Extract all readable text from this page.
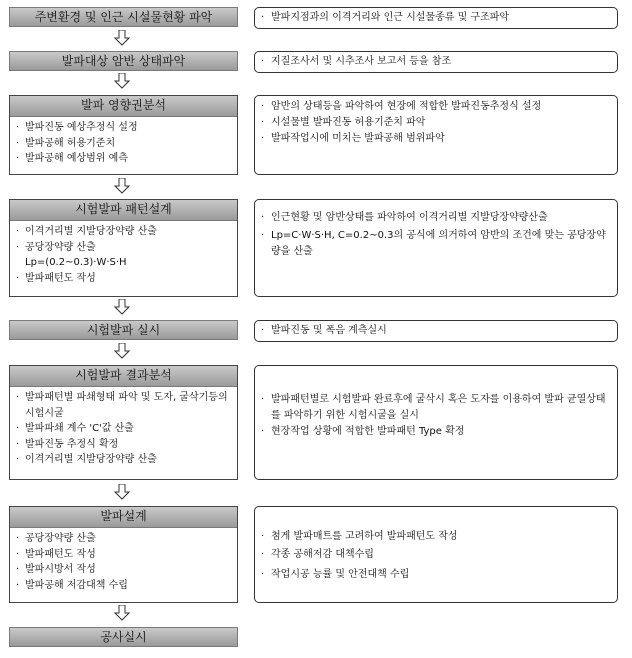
주변환경 및 인근 시설물현황 파악	· 발파지점과의 이격거리와 인근 시설물종류 및 구조파악

발파대상 암반 상태파악	· 지질조사서 및 시추조사 보고서 등을 참조

발파 영향권분석
· 발파진동 예상추정식 설정
· 발파공해 허용기준치
· 발파공해 예상범위 예측

· 암반의 상태등을 파악하여 현장에 적합한 발파진동추정식 설정

· 시설물별 발파진동 허용기준치 파악

· 발파작업시에 미치는 발파공해 범위파악

시험발파 패턴설계
· 이격거리별 지발당장약량 산출
· 공당장약량 산출
Lp=(0.2~0.3)·W·S·H
· 발파패턴도 작성

· 인근현황 및 암반상태를 파악하여 이격거리별 지발당장약량산출

· Lp=C·W·S·H, C=0.2~0.3의 공식에 의거하여 암반의 조건에 맞는 공당장약량을 산출

시험발파 실시	· 발파진동 및 폭음 계측실시

시험발파 결과분석
· 발파패턴별 파쇄형태 파악 및 도자, 굴삭기등의 시험시굴
· 발파파쇄 계수 'C'값 산출
· 발파진동 추정식 확정
· 이격거리별 지발당장약량 산출

· 발파패턴별로 시험발파 완료후에 굴삭시 혹은 도자를 이용하여 발파 균열상태를 파악하기 위한 시험시굴을 실시

· 현장작업 상황에 적합한 발파패턴 Type 확정

발파설계
· 공당장약량 산출
· 발파패턴도 작성
· 발파시방서 작성
· 발파공해 저감대책 수립

· 첨게 발파매트를 고려하여 발파패턴도 작성

· 각종 공해저감 대책수립

· 작업시공 능률 및 안전대책 수립

공사실시
